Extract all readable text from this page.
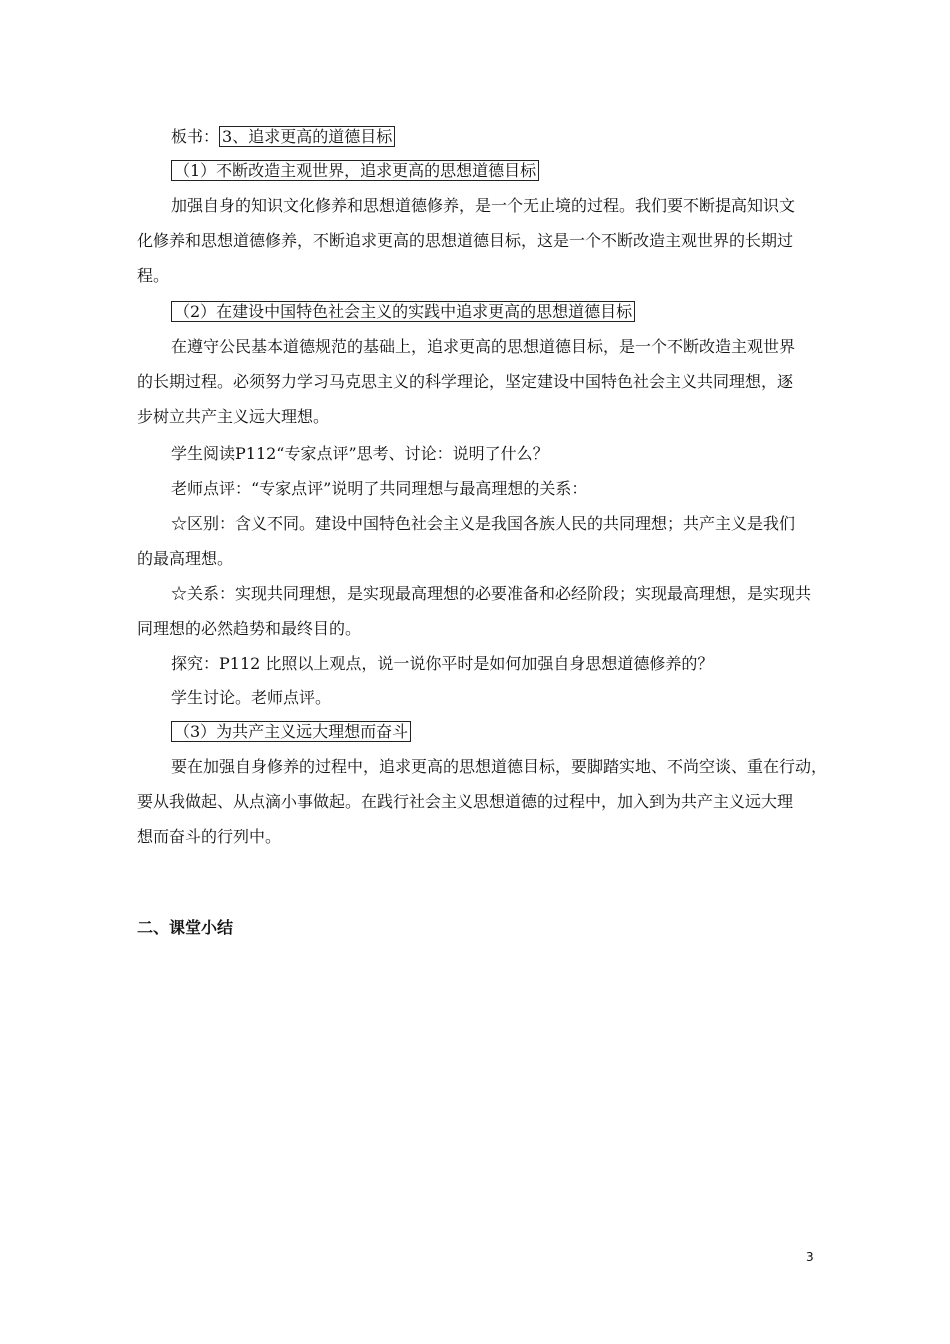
板书： 3、追求更高的道德目标
（1）不断改造主观世界，追求更高的思想道德目标
加强自身的知识文化修养和思想道德修养，是一个无止境的过程。我们要不断提高知识文
化修养和思想道德修养，不断追求更高的思想道德目标，这是一个不断改造主观世界的长期过
程。
（2）在建设中国特色社会主义的实践中追求更高的思想道德目标
在遵守公民基本道德规范的基础上，追求更高的思想道德目标，是一个不断改造主观世界
的长期过程。必须努力学习马克思主义的科学理论，坚定建设中国特色社会主义共同理想，逐
步树立共产主义远大理想。
学生阅读P112“专家点评”思考、讨论：说明了什么？
老师点评：“专家点评”说明了共同理想与最高理想的关系：
☆区别：含义不同。建设中国特色社会主义是我国各族人民的共同理想；共产主义是我们
的最高理想。
☆关系：实现共同理想，是实现最高理想的必要准备和必经阶段；实现最高理想，是实现共
同理想的必然趋势和最终目的。
探究：P112 比照以上观点，说一说你平时是如何加强自身思想道德修养的？
学生讨论。老师点评。
（3）为共产主义远大理想而奋斗
要在加强自身修养的过程中，追求更高的思想道德目标，要脚踏实地、不尚空谈、重在行动，
要从我做起、从点滴小事做起。在践行社会主义思想道德的过程中，加入到为共产主义远大理
想而奋斗的行列中。
二、课堂小结
3
